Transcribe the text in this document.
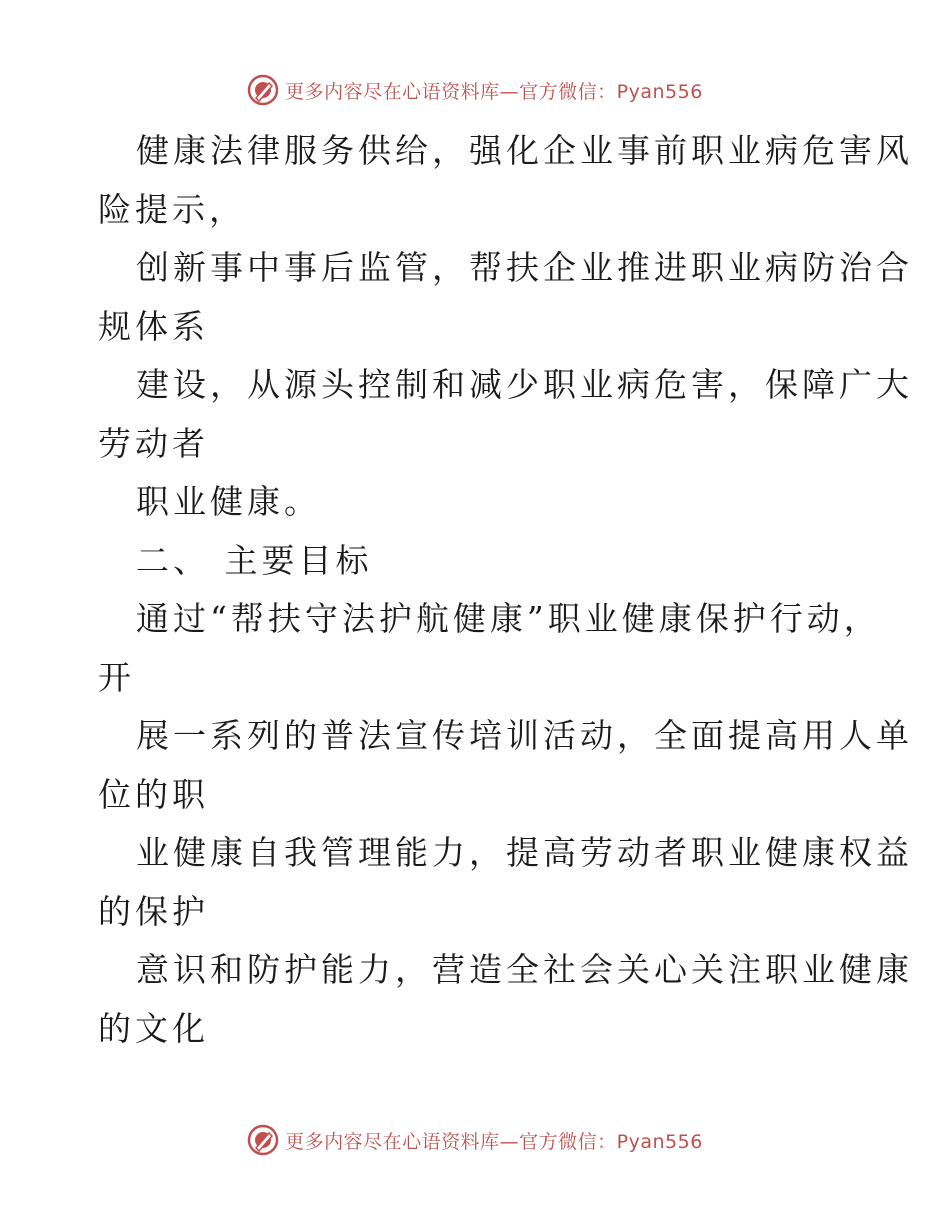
更多内容尽在心语资料库—官方微信：Pyan556
健康法律服务供给，强化企业事前职业病危害风
险提示，
创新事中事后监管，帮扶企业推进职业病防治合
规体系
建设，从源头控制和减少职业病危害，保障广大
劳动者
职业健康。
二、 主要目标
通过“帮扶守法护航健康”职业健康保护行动，
开
展一系列的普法宣传培训活动，全面提高用人单
位的职
业健康自我管理能力，提高劳动者职业健康权益
的保护
意识和防护能力，营造全社会关心关注职业健康
的文化
更多内容尽在心语资料库—官方微信：Pyan556
